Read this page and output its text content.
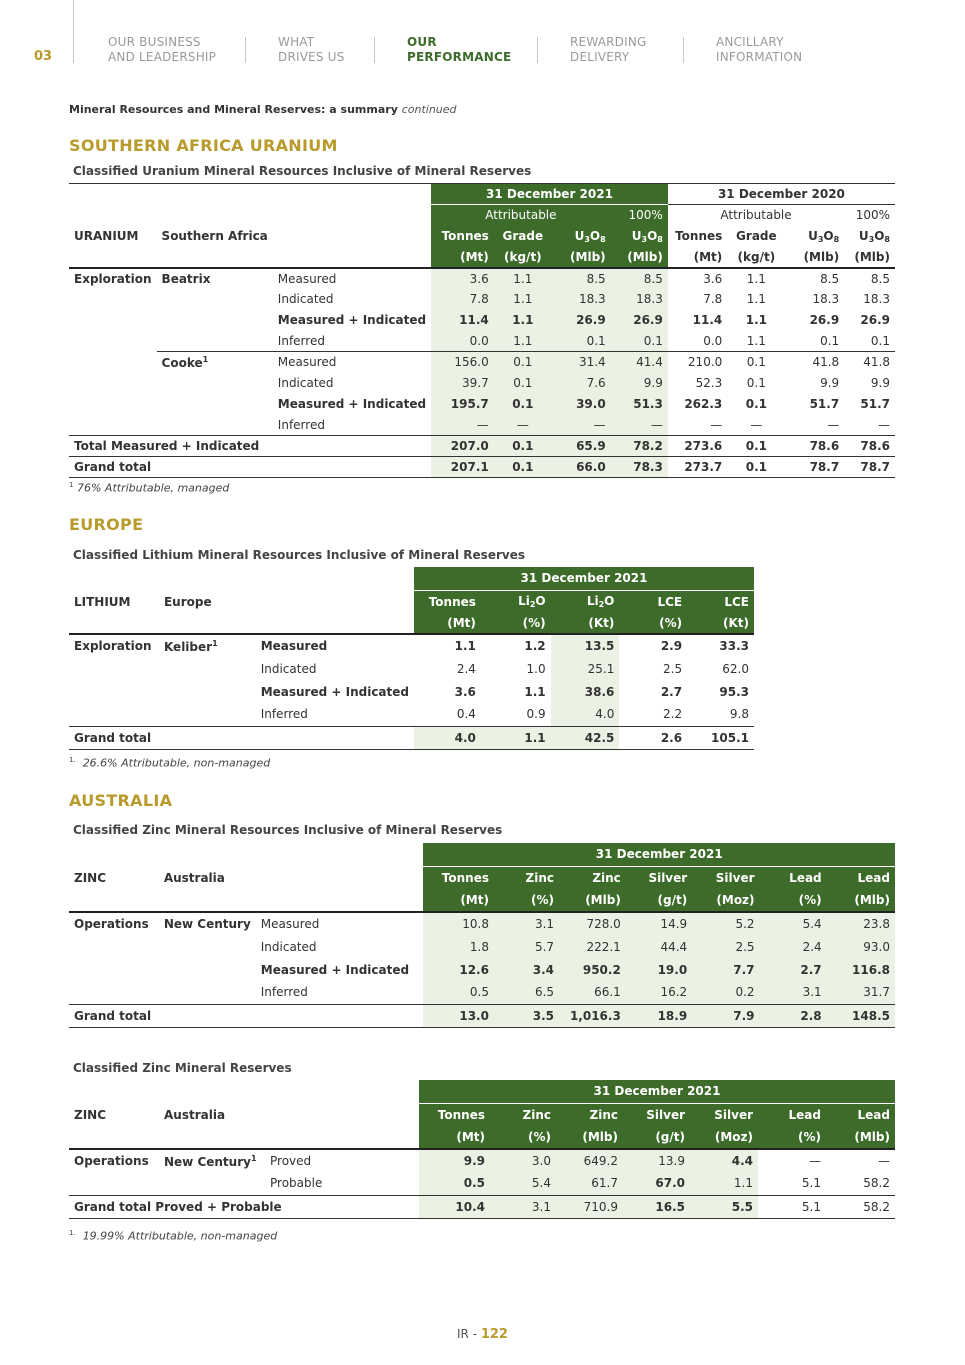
03
OUR BUSINESS
AND LEADERSHIP
WHAT
DRIVES US
OUR
PERFORMANCE
REWARDING
DELIVERY
ANCILLARY
INFORMATION
Mineral Resources and Mineral Reserves: a summary continued
SOUTHERN AFRICA URANIUM
Classified Uranium Mineral Resources Inclusive of Mineral Reserves
			31 December 2021				31 December 2020			
			Attributable			100%	Attributable			100%
URANIUM	Southern Africa		Tonnes	Grade	$U_3O_8$	$U_3O_8$	Tonnes	Grade	$U_3O_8$	$U_3O_8$
			(Mt)	(kg/t)	(Mlb)	(Mlb)	(Mt)	(kg/t)	(Mlb)	(Mlb)
Exploration	Beatrix	Measured	3.6	1.1	8.5	8.5	3.6	1.1	8.5	8.5
		Indicated	7.8	1.1	18.3	18.3	7.8	1.1	18.3	18.3
		Measured + Indicated	11.4	1.1	26.9	26.9	11.4	1.1	26.9	26.9
		Inferred	0.0	1.1	0.1	0.1	0.0	1.1	0.1	0.1
	Cooke$^1$	Measured	156.0	0.1	31.4	41.4	210.0	0.1	41.8	41.8
		Indicated	39.7	0.1	7.6	9.9	52.3	0.1	9.9	9.9
		Measured + Indicated	195.7	0.1	39.0	51.3	262.3	0.1	51.7	51.7
		Inferred	—	—	—	—	—	—	—	—
Total Measured + Indicated			207.0	0.1	65.9	78.2	273.6	0.1	78.6	78.6
Grand total			207.1	0.1	66.0	78.3	273.7	0.1	78.7	78.7
$^1$ 76% Attributable, managed
EUROPE
Classified Lithium Mineral Resources Inclusive of Mineral Reserves
			31 December 2021				
LITHIUM	Europe		Tonnes	$Li_2O$	$Li_2O$	LCE	LCE
			(Mt)	(%)	(Kt)	(%)	(Kt)
Exploration	Keliber$^1$	Measured	1.1	1.2	13.5	2.9	33.3
		Indicated	2.4	1.0	25.1	2.5	62.0
		Measured + Indicated	3.6	1.1	38.6	2.7	95.3
		Inferred	0.4	0.9	4.0	2.2	9.8
Grand total			4.0	1.1	42.5	2.6	105.1
$^{1.}$ 26.6% Attributable, non-managed
AUSTRALIA
Classified Zinc Mineral Resources Inclusive of Mineral Reserves
			31 December 2021						
ZINC	Australia		Tonnes	Zinc	Zinc	Silver	Silver	Lead	Lead
			(Mt)	(%)	(Mlb)	(g/t)	(Moz)	(%)	(Mlb)
Operations	New Century	Measured	10.8	3.1	728.0	14.9	5.2	5.4	23.8
		Indicated	1.8	5.7	222.1	44.4	2.5	2.4	93.0
		Measured + Indicated	12.6	3.4	950.2	19.0	7.7	2.7	116.8
		Inferred	0.5	6.5	66.1	16.2	0.2	3.1	31.7
Grand total			13.0	3.5	1,016.3	18.9	7.9	2.8	148.5
Classified Zinc Mineral Reserves
			31 December 2021						
ZINC	Australia		Tonnes	Zinc	Zinc	Silver	Silver	Lead	Lead
			(Mt)	(%)	(Mlb)	(g/t)	(Moz)	(%)	(Mlb)
Operations	New Century$^1$	Proved	9.9	3.0	649.2	13.9	4.4	—	—
		Probable	0.5	5.4	61.7	67.0	1.1	5.1	58.2
Grand total Proved + Probable			10.4	3.1	710.9	16.5	5.5	5.1	58.2
$^{1.}$ 19.99% Attributable, non-managed
IR - 122
